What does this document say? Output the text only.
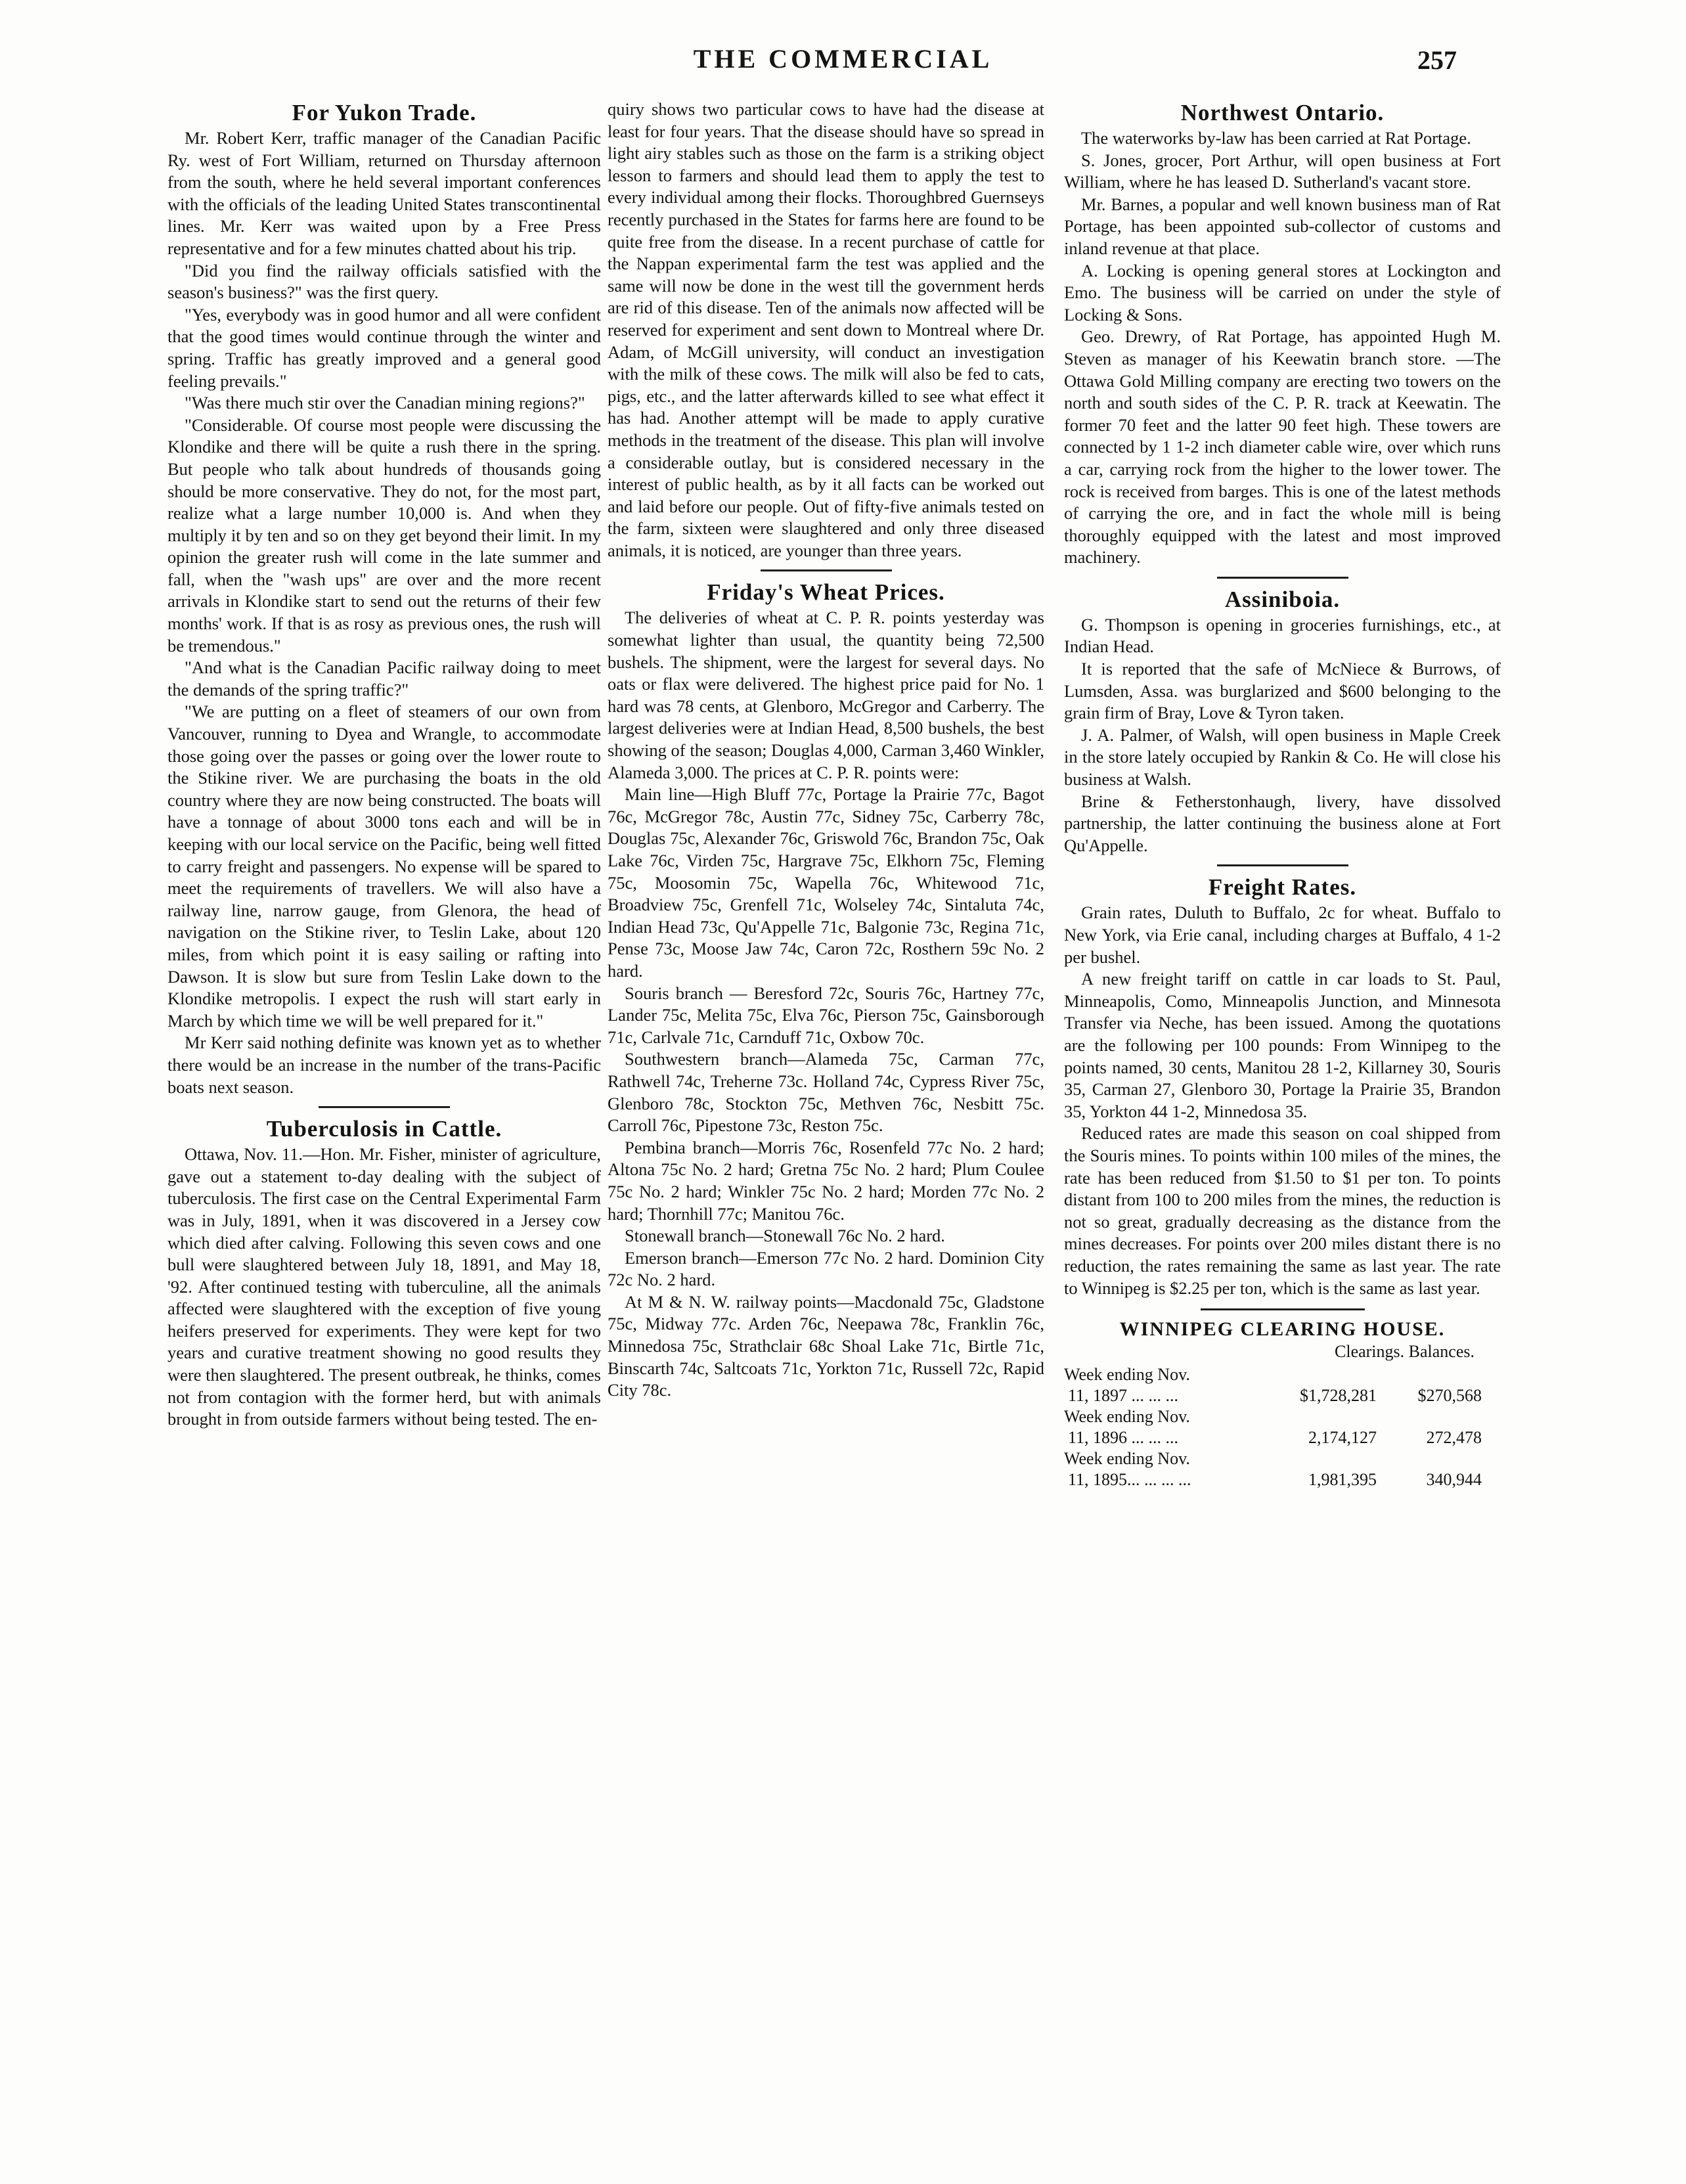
THE COMMERCIAL	257
For Yukon Trade.

Mr. Robert Kerr, traffic manager of the Canadian Pacific Ry. west of Fort William, returned on Thursday afternoon from the south, where he held several important conferences with the officials of the leading United States transcontinental lines. Mr. Kerr was waited upon by a Free Press representative and for a few minutes chatted about his trip.

"Did you find the railway officials satisfied with the season's business?" was the first query.

"Yes, everybody was in good humor and all were confident that the good times would continue through the winter and spring. Traffic has greatly improved and a general good feeling prevails."

"Was there much stir over the Canadian mining regions?"

"Considerable. Of course most people were discussing the Klondike and there will be quite a rush there in the spring. But people who talk about hundreds of thousands going should be more conservative. They do not, for the most part, realize what a large number 10,000 is. And when they multiply it by ten and so on they get beyond their limit. In my opinion the greater rush will come in the late summer and fall, when the "wash ups" are over and the more recent arrivals in Klondike start to send out the returns of their few months' work. If that is as rosy as previous ones, the rush will be tremendous."

"And what is the Canadian Pacific railway doing to meet the demands of the spring traffic?"

"We are putting on a fleet of steamers of our own from Vancouver, running to Dyea and Wrangle, to accommodate those going over the passes or going over the lower route to the Stikine river. We are purchasing the boats in the old country where they are now being constructed. The boats will have a tonnage of about 3000 tons each and will be in keeping with our local service on the Pacific, being well fitted to carry freight and passengers. No expense will be spared to meet the requirements of travellers. We will also have a railway line, narrow gauge, from Glenora, the head of navigation on the Stikine river, to Teslin Lake, about 120 miles, from which point it is easy sailing or rafting into Dawson. It is slow but sure from Teslin Lake down to the Klondike metropolis. I expect the rush will start early in March by which time we will be well prepared for it."

Mr Kerr said nothing definite was known yet as to whether there would be an increase in the number of the trans-Pacific boats next season.

Tuberculosis in Cattle.

Ottawa, Nov. 11.—Hon. Mr. Fisher, minister of agriculture, gave out a statement to-day dealing with the subject of tuberculosis. The first case on the Central Experimental Farm was in July, 1891, when it was discovered in a Jersey cow which died after calving. Following this seven cows and one bull were slaughtered between July 18, 1891, and May 18, '92. After continued testing with tuberculine, all the animals affected were slaughtered with the exception of five young heifers preserved for experiments. They were kept for two years and curative treatment showing no good results they were then slaughtered. The present outbreak, he thinks, comes not from contagion with the former herd, but with animals brought in from outside farmers without being tested. The en-

quiry shows two particular cows to have had the disease at least for four years. That the disease should have so spread in light airy stables such as those on the farm is a striking object lesson to farmers and should lead them to apply the test to every individual among their flocks. Thoroughbred Guernseys recently purchased in the States for farms here are found to be quite free from the disease. In a recent purchase of cattle for the Nappan experimental farm the test was applied and the same will now be done in the west till the government herds are rid of this disease. Ten of the animals now affected will be reserved for experiment and sent down to Montreal where Dr. Adam, of McGill university, will conduct an investigation with the milk of these cows. The milk will also be fed to cats, pigs, etc., and the latter afterwards killed to see what effect it has had. Another attempt will be made to apply curative methods in the treatment of the disease. This plan will involve a considerable outlay, but is considered necessary in the interest of public health, as by it all facts can be worked out and laid before our people. Out of fifty-five animals tested on the farm, sixteen were slaughtered and only three diseased animals, it is noticed, are younger than three years.

Friday's Wheat Prices.

The deliveries of wheat at C. P. R. points yesterday was somewhat lighter than usual, the quantity being 72,500 bushels. The shipment, were the largest for several days. No oats or flax were delivered. The highest price paid for No. 1 hard was 78 cents, at Glenboro, McGregor and Carberry. The largest deliveries were at Indian Head, 8,500 bushels, the best showing of the season; Douglas 4,000, Carman 3,460 Winkler, Alameda 3,000. The prices at C. P. R. points were:

Main line—High Bluff 77c, Portage la Prairie 77c, Bagot 76c, McGregor 78c, Austin 77c, Sidney 75c, Carberry 78c, Douglas 75c, Alexander 76c, Griswold 76c, Brandon 75c, Oak Lake 76c, Virden 75c, Hargrave 75c, Elkhorn 75c, Fleming 75c, Moosomin 75c, Wapella 76c, Whitewood 71c, Broadview 75c, Grenfell 71c, Wolseley 74c, Sintaluta 74c, Indian Head 73c, Qu'Appelle 71c, Balgonie 73c, Regina 71c, Pense 73c, Moose Jaw 74c, Caron 72c, Rosthern 59c No. 2 hard.

Souris branch — Beresford 72c, Souris 76c, Hartney 77c, Lander 75c, Melita 75c, Elva 76c, Pierson 75c, Gainsborough 71c, Carlvale 71c, Carnduff 71c, Oxbow 70c.

Southwestern branch—Alameda 75c, Carman 77c, Rathwell 74c, Treherne 73c. Holland 74c, Cypress River 75c, Glenboro 78c, Stockton 75c, Methven 76c, Nesbitt 75c. Carroll 76c, Pipestone 73c, Reston 75c.

Pembina branch—Morris 76c, Rosenfeld 77c No. 2 hard; Altona 75c No. 2 hard; Gretna 75c No. 2 hard; Plum Coulee 75c No. 2 hard; Winkler 75c No. 2 hard; Morden 77c No. 2 hard; Thornhill 77c; Manitou 76c.

Stonewall branch—Stonewall 76c No. 2 hard.

Emerson branch—Emerson 77c No. 2 hard. Dominion City 72c No. 2 hard.

At M & N. W. railway points—Macdonald 75c, Gladstone 75c, Midway 77c. Arden 76c, Neepawa 78c, Franklin 76c, Minnedosa 75c, Strathclair 68c Shoal Lake 71c, Birtle 71c, Binscarth 74c, Saltcoats 71c, Yorkton 71c, Russell 72c, Rapid City 78c.

Northwest Ontario.

The waterworks by-law has been carried at Rat Portage.

S. Jones, grocer, Port Arthur, will open business at Fort William, where he has leased D. Sutherland's vacant store.

Mr. Barnes, a popular and well known business man of Rat Portage, has been appointed sub-collector of customs and inland revenue at that place.

A. Locking is opening general stores at Lockington and Emo. The business will be carried on under the style of Locking & Sons.

Geo. Drewry, of Rat Portage, has appointed Hugh M. Steven as manager of his Keewatin branch store. —The Ottawa Gold Milling company are erecting two towers on the north and south sides of the C. P. R. track at Keewatin. The former 70 feet and the latter 90 feet high. These towers are connected by 1 1-2 inch diameter cable wire, over which runs a car, carrying rock from the higher to the lower tower. The rock is received from barges. This is one of the latest methods of carrying the ore, and in fact the whole mill is being thoroughly equipped with the latest and most improved machinery.

Assiniboia.

G. Thompson is opening in groceries furnishings, etc., at Indian Head.

It is reported that the safe of McNiece & Burrows, of Lumsden, Assa. was burglarized and $600 belonging to the grain firm of Bray, Love & Tyron taken.

J. A. Palmer, of Walsh, will open business in Maple Creek in the store lately occupied by Rankin & Co. He will close his business at Walsh.

Brine & Fetherstonhaugh, livery, have dissolved partnership, the latter continuing the business alone at Fort Qu'Appelle.

Freight Rates.

Grain rates, Duluth to Buffalo, 2c for wheat. Buffalo to New York, via Erie canal, including charges at Buffalo, 4 1-2 per bushel.

A new freight tariff on cattle in car loads to St. Paul, Minneapolis, Como, Minneapolis Junction, and Minnesota Transfer via Neche, has been issued. Among the quotations are the following per 100 pounds: From Winnipeg to the points named, 30 cents, Manitou 28 1-2, Killarney 30, Souris 35, Carman 27, Glenboro 30, Portage la Prairie 35, Brandon 35, Yorkton 44 1-2, Minnedosa 35.

Reduced rates are made this season on coal shipped from the Souris mines. To points within 100 miles of the mines, the rate has been reduced from $1.50 to $1 per ton. To points distant from 100 to 200 miles from the mines, the reduction is not so great, gradually decreasing as the distance from the mines decreases. For points over 200 miles distant there is no reduction, the rates remaining the same as last year. The rate to Winnipeg is $2.25 per ton, which is the same as last year.

WINNIPEG CLEARING HOUSE.
Clearings. Balances.
Week ending Nov.
11, 1897 ... ... ...	$1,728,281	$270,568
Week ending Nov.
11, 1896 ... ... ...	2,174,127	272,478
Week ending Nov.
11, 1895... ... ... ...	1,981,395	340,944
